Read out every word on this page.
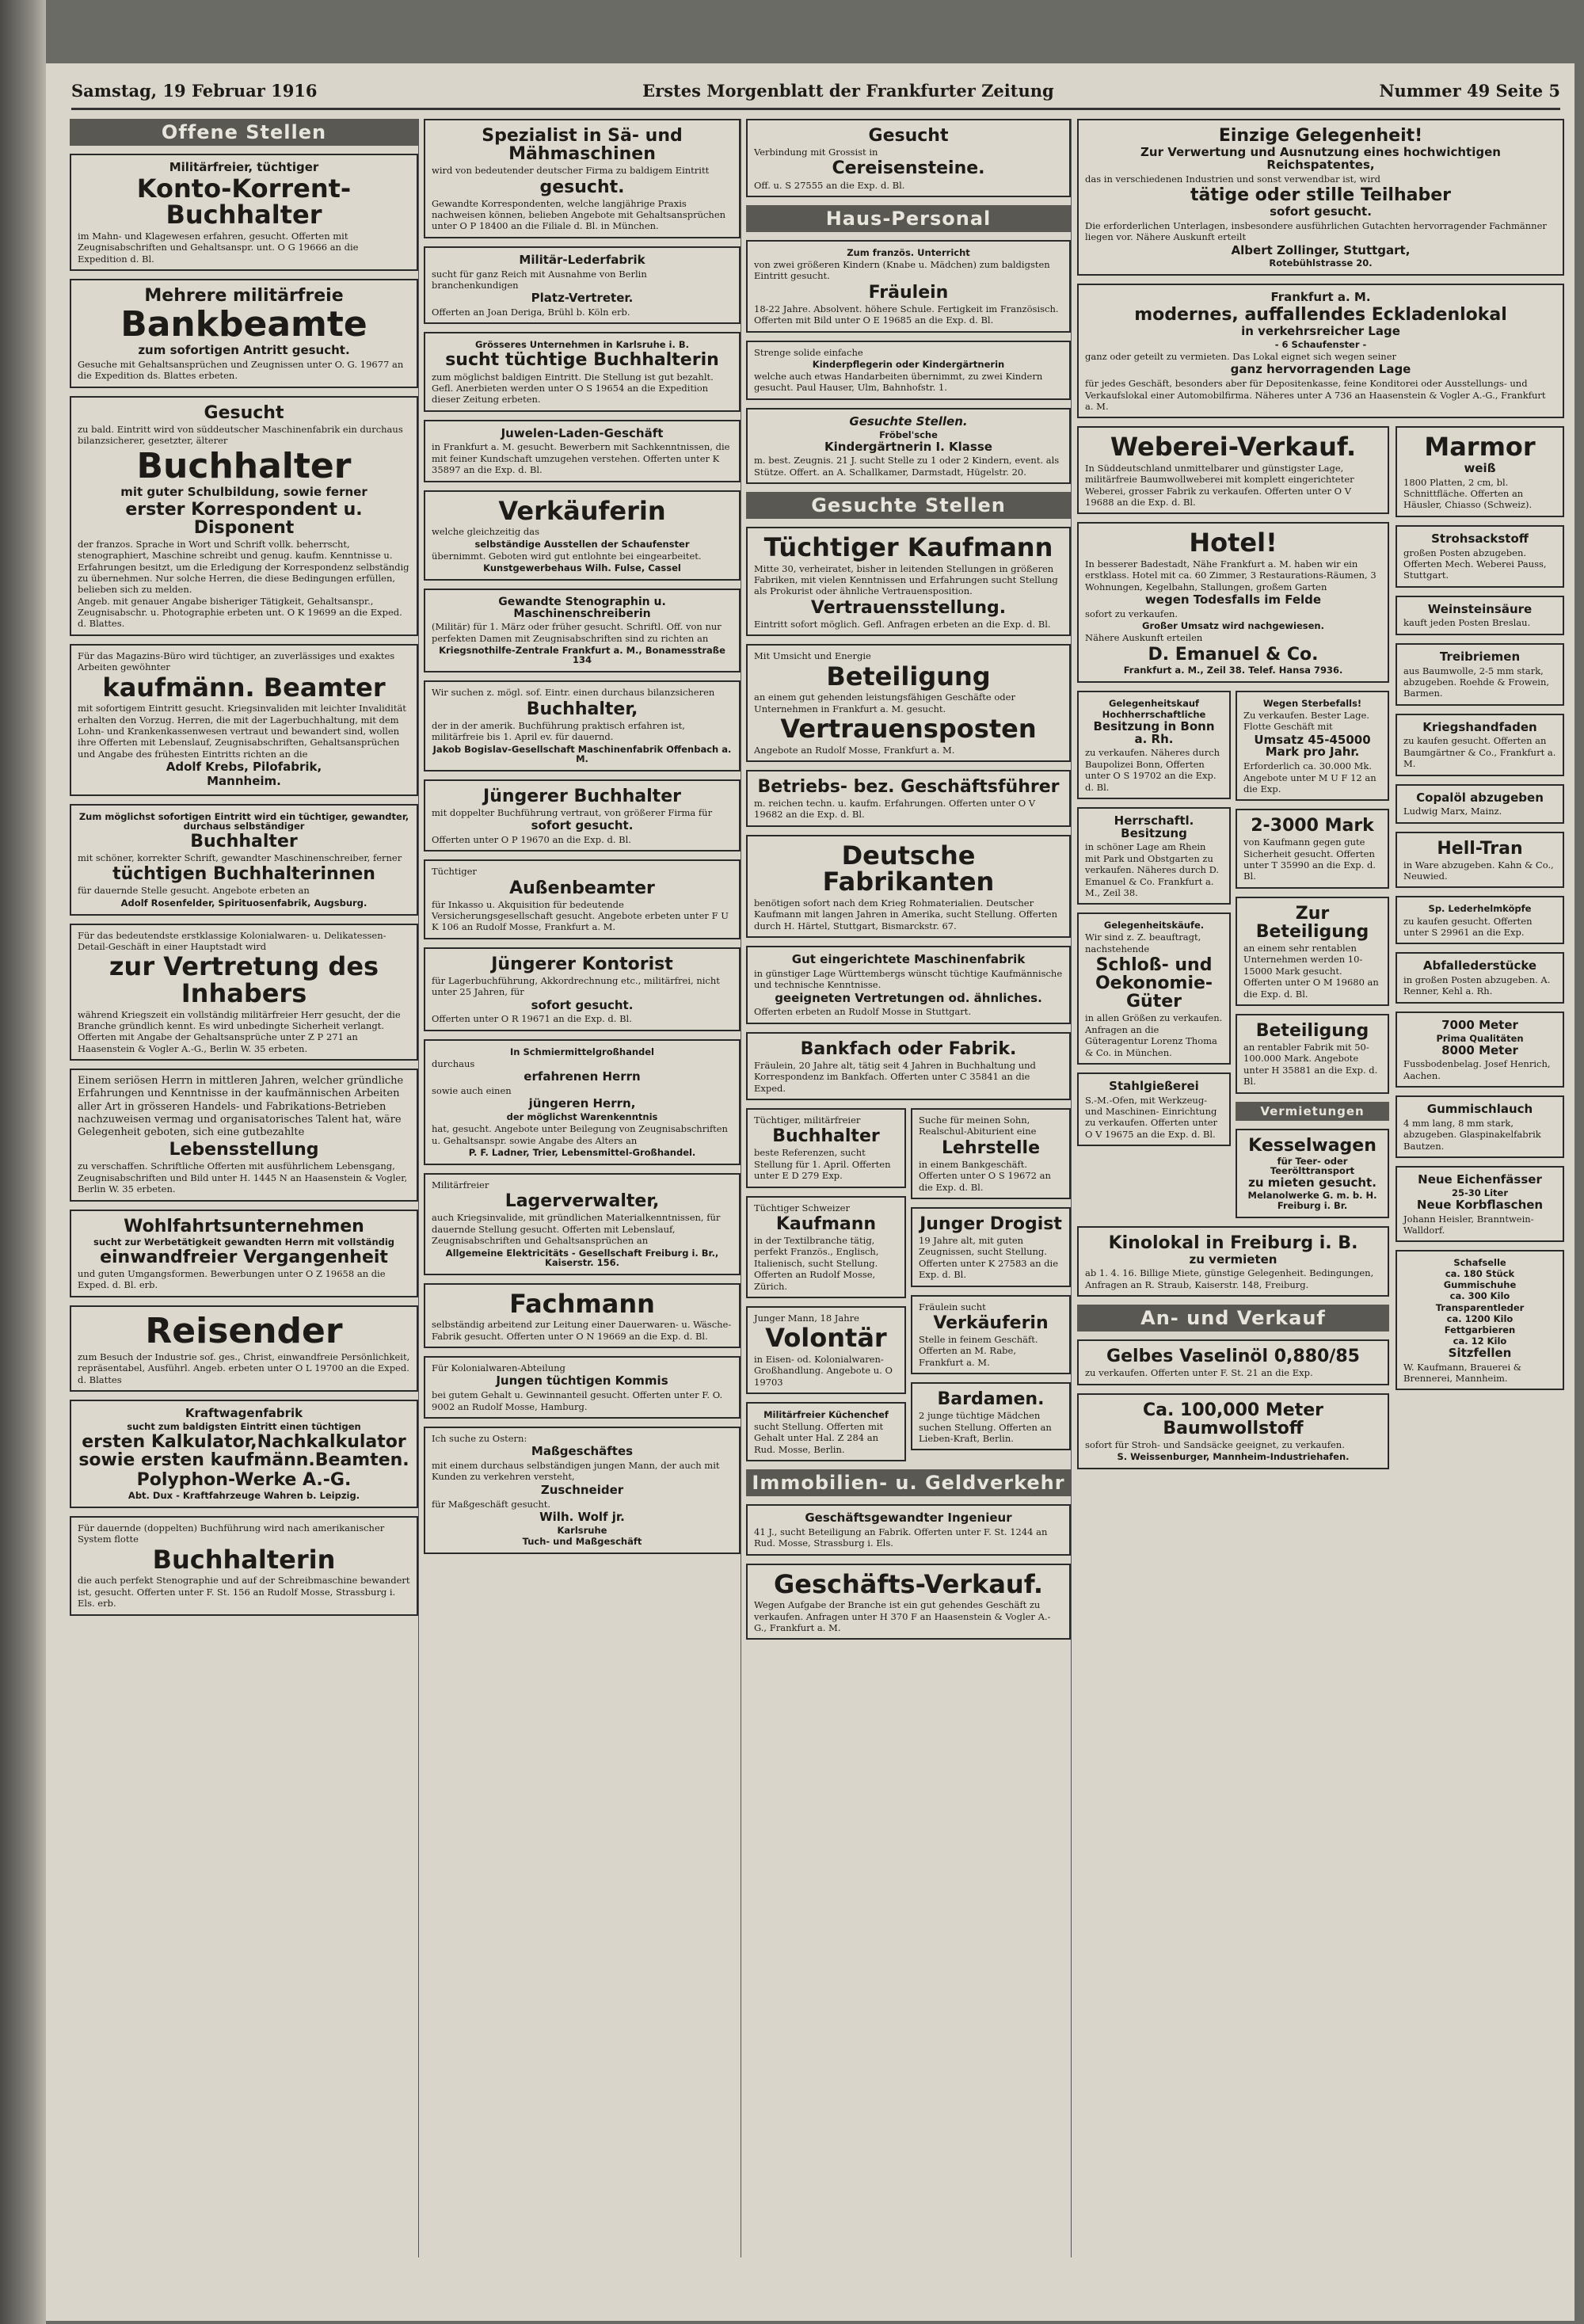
Samstag, 19 Februar 1916	Erstes Morgenblatt der Frankfurter Zeitung	Nummer 49 Seite 5
Offene Stellen
Militärfreier, tüchtiger
Konto-Korrent-Buchhalter
im Mahn- und Klagewesen erfahren, gesucht. Offerten mit Zeugnisabschriften und Gehaltsanspr. unt. O G 19666 an die Expedition d. Bl.
Mehrere militärfreie
Bankbeamte
zum sofortigen Antritt gesucht.
Gesuche mit Gehaltsansprüchen und Zeugnissen unter O. G. 19677 an die Expedition ds. Blattes erbeten.
Gesucht
zu bald. Eintritt wird von süddeutscher Maschinenfabrik ein durchaus bilanzsicherer, gesetzter, älterer
Buchhalter
mit guter Schulbildung, sowie ferner
erster Korrespondent u. Disponent
der franzos. Sprache in Wort und Schrift vollk. beherrscht, stenographiert, Maschine schreibt und genug. kaufm. Kenntnisse u. Erfahrungen besitzt, um die Erledigung der Korrespondenz selbständig zu übernehmen. Nur solche Herren, die diese Bedingungen erfüllen, belieben sich zu melden.
Angeb. mit genauer Angabe bisheriger Tätigkeit, Gehaltsanspr., Zeugnisabschr. u. Photographie erbeten unt. O K 19699 an die Exped. d. Blattes.
Für das Magazins-Büro wird tüchtiger, an zuverlässiges und exaktes Arbeiten gewöhnter
kaufmänn. Beamter
mit sofortigem Eintritt gesucht. Kriegsinvaliden mit leichter Invalidität erhalten den Vorzug. Herren, die mit der Lagerbuchhaltung, mit dem Lohn- und Krankenkassenwesen vertraut und bewandert sind, wollen ihre Offerten mit Lebenslauf, Zeugnisabschriften, Gehaltsansprüchen und Angabe des frühesten Eintritts richten an die
Adolf Krebs, Pilofabrik,
Mannheim.
Zum möglichst sofortigen Eintritt wird ein tüchtiger, gewandter, durchaus selbständiger
Buchhalter
mit schöner, korrekter Schrift, gewandter Maschinenschreiber, ferner
tüchtigen Buchhalterinnen
für dauernde Stelle gesucht. Angebote erbeten an
Adolf Rosenfelder, Spirituosenfabrik, Augsburg.
Für das bedeutendste erstklassige Kolonialwaren- u. Delikatessen-Detail-Geschäft in einer Hauptstadt wird
zur Vertretung des Inhabers
während Kriegszeit ein vollständig militärfreier Herr gesucht, der die Branche gründlich kennt. Es wird unbedingte Sicherheit verlangt. Offerten mit Angabe der Gehaltsansprüche unter Z P 271 an Haasenstein & Vogler A.-G., Berlin W. 35 erbeten.
Einem seriösen Herrn in mittleren Jahren, welcher gründliche Erfahrungen und Kenntnisse in der kaufmännischen Arbeiten aller Art in grösseren Handels- und Fabrikations-Betrieben nachzuweisen vermag und organisatorisches Talent hat, wäre Gelegenheit geboten, sich eine gutbezahlte
Lebensstellung
zu verschaffen. Schriftliche Offerten mit ausführlichem Lebensgang, Zeugnisabschriften und Bild unter H. 1445 N an Haasenstein & Vogler, Berlin W. 35 erbeten.
Wohlfahrtsunternehmen
sucht zur Werbetätigkeit gewandten Herrn mit vollständig
einwandfreier Vergangenheit
und guten Umgangsformen. Bewerbungen unter O Z 19658 an die Exped. d. Bl. erb.
Reisender
zum Besuch der Industrie sof. ges., Christ, einwandfreie Persönlichkeit, repräsentabel, Ausführl. Angeb. erbeten unter O L 19700 an die Exped. d. Blattes
Kraftwagenfabrik
sucht zum baldigsten Eintritt einen tüchtigen
ersten Kalkulator,Nachkalkulator sowie ersten kaufmänn.Beamten.
Polyphon-Werke A.-G.
Abt. Dux - Kraftfahrzeuge Wahren b. Leipzig.
Für dauernde (doppelten) Buchführung wird nach amerikanischer System flotte
Buchhalterin
die auch perfekt Stenographie und auf der Schreibmaschine bewandert ist, gesucht. Offerten unter F. St. 156 an Rudolf Mosse, Strassburg i. Els. erb.
Spezialist in Sä- und Mähmaschinen
wird von bedeutender deutscher Firma zu baldigem Eintritt
gesucht.
Gewandte Korrespondenten, welche langjährige Praxis nachweisen können, belieben Angebote mit Gehaltsansprüchen unter O P 18400 an die Filiale d. Bl. in München.
Militär-Lederfabrik
sucht für ganz Reich mit Ausnahme von Berlin branchenkundigen
Platz-Vertreter.
Offerten an Joan Deriga, Brühl b. Köln erb.
Grösseres Unternehmen in Karlsruhe i. B.
sucht tüchtige Buchhalterin
zum möglichst baldigen Eintritt. Die Stellung ist gut bezahlt. Gefl. Anerbieten werden unter O S 19654 an die Expedition dieser Zeitung erbeten.
Juwelen-Laden-Geschäft
in Frankfurt a. M. gesucht. Bewerbern mit Sachkenntnissen, die mit feiner Kundschaft umzugehen verstehen. Offerten unter K 35897 an die Exp. d. Bl.
Verkäuferin
welche gleichzeitig das
selbständige Ausstellen der Schaufenster
übernimmt. Geboten wird gut entlohnte bei eingearbeitet.
Kunstgewerbehaus Wilh. Fulse, Cassel
Gewandte Stenographin u. Maschinenschreiberin
(Militär) für 1. März oder früher gesucht. Schriftl. Off. von nur perfekten Damen mit Zeugnisabschriften sind zu richten an
Kriegsnothilfe-Zentrale Frankfurt a. M., Bonamesstraße 134
Wir suchen z. mögl. sof. Eintr. einen durchaus bilanzsicheren
Buchhalter,
der in der amerik. Buchführung praktisch erfahren ist, militärfreie bis 1. April ev. für dauernd.
Jakob Bogislav-Gesellschaft Maschinenfabrik Offenbach a. M.
Jüngerer Buchhalter
mit doppelter Buchführung vertraut, von größerer Firma für
sofort gesucht.
Offerten unter O P 19670 an die Exp. d. Bl.
Tüchtiger
Außenbeamter
für Inkasso u. Akquisition für bedeutende Versicherungsgesellschaft gesucht. Angebote erbeten unter F U K 106 an Rudolf Mosse, Frankfurt a. M.
Jüngerer Kontorist
für Lagerbuchführung, Akkordrechnung etc., militärfrei, nicht unter 25 Jahren, für
sofort gesucht.
Offerten unter O R 19671 an die Exp. d. Bl.
In Schmiermittelgroßhandel
durchaus
erfahrenen Herrn
sowie auch einen
jüngeren Herrn,
der möglichst Warenkenntnis
hat, gesucht. Angebote unter Beilegung von Zeugnisabschriften u. Gehaltsanspr. sowie Angabe des Alters an
P. F. Ladner, Trier, Lebensmittel-Großhandel.
Militärfreier
Lagerverwalter,
auch Kriegsinvalide, mit gründlichen Materialkenntnissen, für dauernde Stellung gesucht. Offerten mit Lebenslauf, Zeugnisabschriften und Gehaltsansprüchen an
Allgemeine Elektricitäts - Gesellschaft Freiburg i. Br., Kaiserstr. 156.
Fachmann
selbständig arbeitend zur Leitung einer Dauerwaren- u. Wäsche-Fabrik gesucht. Offerten unter O N 19669 an die Exp. d. Bl.
Für Kolonialwaren-Abteilung
Jungen tüchtigen Kommis
bei gutem Gehalt u. Gewinnanteil gesucht. Offerten unter F. O. 9002 an Rudolf Mosse, Hamburg.
Ich suche zu Ostern:
Maßgeschäftes
mit einem durchaus selbständigen jungen Mann, der auch mit Kunden zu verkehren versteht,
Zuschneider
für Maßgeschäft gesucht.
Wilh. Wolf jr.
Karlsruhe
Tuch- und Maßgeschäft
Gesucht
Verbindung mit Grossist in
Cereisensteine.
Off. u. S 27555 an die Exp. d. Bl.
Haus-Personal
Zum französ. Unterricht
von zwei größeren Kindern (Knabe u. Mädchen) zum baldigsten Eintritt gesucht.
Fräulein
18-22 Jahre. Absolvent. höhere Schule. Fertigkeit im Französisch. Offerten mit Bild unter O E 19685 an die Exp. d. Bl.
Strenge solide einfache
Kinderpflegerin oder Kindergärtnerin
welche auch etwas Handarbeiten übernimmt, zu zwei Kindern gesucht. Paul Hauser, Ulm, Bahnhofstr. 1.
Gesuchte Stellen.
Fröbel'sche
Kindergärtnerin I. Klasse
m. best. Zeugnis. 21 J. sucht Stelle zu 1 oder 2 Kindern, event. als Stütze. Offert. an A. Schallkamer, Darmstadt, Hügelstr. 20.
Gesuchte Stellen
Tüchtiger Kaufmann
Mitte 30, verheiratet, bisher in leitenden Stellungen in größeren Fabriken, mit vielen Kenntnissen und Erfahrungen sucht Stellung als Prokurist oder ähnliche Vertrauensposition.
Vertrauensstellung.
Eintritt sofort möglich. Gefl. Anfragen erbeten an die Exp. d. Bl.
Mit Umsicht und Energie
Beteiligung
an einem gut gehenden leistungsfähigen Geschäfte oder Unternehmen in Frankfurt a. M. gesucht.
Vertrauensposten
Angebote an Rudolf Mosse, Frankfurt a. M.
Betriebs- bez. Geschäftsführer
m. reichen techn. u. kaufm. Erfahrungen. Offerten unter O V 19682 an die Exp. d. Bl.
Deutsche Fabrikanten
benötigen sofort nach dem Krieg Rohmaterialien. Deutscher Kaufmann mit langen Jahren in Amerika, sucht Stellung. Offerten durch H. Härtel, Stuttgart, Bismarckstr. 67.
Gut eingerichtete Maschinenfabrik
in günstiger Lage Württembergs wünscht tüchtige Kaufmännische und technische Kenntnisse.
geeigneten Vertretungen od. ähnliches.
Offerten erbeten an Rudolf Mosse in Stuttgart.
Bankfach oder Fabrik.
Fräulein, 20 Jahre alt, tätig seit 4 Jahren in Buchhaltung und Korrespondenz im Bankfach. Offerten unter C 35841 an die Exped.
Tüchtiger, militärfreier
Buchhalter
beste Referenzen, sucht Stellung für 1. April. Offerten unter E D 279 Exp.
Tüchtiger Schweizer
Kaufmann
in der Textilbranche tätig, perfekt Französ., Englisch, Italienisch, sucht Stellung. Offerten an Rudolf Mosse, Zürich.
Junger Mann, 18 Jahre
Volontär
in Eisen- od. Kolonialwaren-Großhandlung. Angebote u. O 19703
Militärfreier Küchenchef
sucht Stellung. Offerten mit Gehalt unter Hal. Z 284 an Rud. Mosse, Berlin.
Suche für meinen Sohn, Realschul-Abiturient eine
Lehrstelle
in einem Bankgeschäft. Offerten unter O S 19672 an die Exp. d. Bl.
Junger Drogist
19 Jahre alt, mit guten Zeugnissen, sucht Stellung. Offerten unter K 27583 an die Exp. d. Bl.
Fräulein sucht
Verkäuferin
Stelle in feinem Geschäft. Offerten an M. Rabe, Frankfurt a. M.
Bardamen.
2 junge tüchtige Mädchen suchen Stellung. Offerten an Lieben-Kraft, Berlin.
Immobilien- u. Geldverkehr
Geschäftsgewandter Ingenieur
41 J., sucht Beteiligung an Fabrik. Offerten unter F. St. 1244 an Rud. Mosse, Strassburg i. Els.
Geschäfts-Verkauf.
Wegen Aufgabe der Branche ist ein gut gehendes Geschäft zu verkaufen. Anfragen unter H 370 F an Haasenstein & Vogler A.-G., Frankfurt a. M.
Einzige Gelegenheit!
Zur Verwertung und Ausnutzung eines hochwichtigen Reichspatentes,
das in verschiedenen Industrien und sonst verwendbar ist, wird
tätige oder stille Teilhaber
sofort gesucht.
Die erforderlichen Unterlagen, insbesondere ausführlichen Gutachten hervorragender Fachmänner liegen vor. Nähere Auskunft erteilt
Albert Zollinger, Stuttgart,
Rotebühlstrasse 20.
Frankfurt a. M.
modernes, auffallendes Eckladenlokal
in verkehrsreicher Lage
- 6 Schaufenster -
ganz oder geteilt zu vermieten. Das Lokal eignet sich wegen seiner
ganz hervorragenden Lage
für jedes Geschäft, besonders aber für Depositenkasse, feine Konditorei oder Ausstellungs- und Verkaufslokal einer Automobilfirma. Näheres unter A 736 an Haasenstein & Vogler A.-G., Frankfurt a. M.
Weberei-Verkauf.
In Süddeutschland unmittelbarer und günstigster Lage, militärfreie Baumwollweberei mit komplett eingerichteter Weberei, grosser Fabrik zu verkaufen. Offerten unter O V 19688 an die Exp. d. Bl.
Hotel!
In besserer Badestadt, Nähe Frankfurt a. M. haben wir ein erstklass. Hotel mit ca. 60 Zimmer, 3 Restaurations-Räumen, 3 Wohnungen, Kegelbahn, Stallungen, großem Garten
wegen Todesfalls im Felde
sofort zu verkaufen.
Großer Umsatz wird nachgewiesen.
Nähere Auskunft erteilen
D. Emanuel & Co.
Frankfurt a. M., Zeil 38. Telef. Hansa 7936.
Gelegenheitskauf
Hochherrschaftliche
Besitzung in Bonn a. Rh.
zu verkaufen. Näheres durch Baupolizei Bonn, Offerten unter O S 19702 an die Exp. d. Bl.
Herrschaftl. Besitzung
in schöner Lage am Rhein mit Park und Obstgarten zu verkaufen. Näheres durch D. Emanuel & Co. Frankfurt a. M., Zeil 38.
Gelegenheitskäufe.
Wir sind z. Z. beauftragt, nachstehende
Schloß- und Oekonomie-Güter
in allen Größen zu verkaufen. Anfragen an die Güteragentur Lorenz Thoma & Co. in München.
Stahlgießerei
S.-M.-Ofen, mit Werkzeug- und Maschinen- Einrichtung zu verkaufen. Offerten unter O V 19675 an die Exp. d. Bl.
Wegen Sterbefalls!
Zu verkaufen. Bester Lage. Flotte Geschäft mit
Umsatz 45-45000 Mark pro Jahr.
Erforderlich ca. 30.000 Mk. Angebote unter M U F 12 an die Exp.
2-3000 Mark
von Kaufmann gegen gute Sicherheit gesucht. Offerten unter T 35990 an die Exp. d. Bl.
Zur Beteiligung
an einem sehr rentablen Unternehmen werden 10-15000 Mark gesucht. Offerten unter O M 19680 an die Exp. d. Bl.
Beteiligung
an rentabler Fabrik mit 50-100.000 Mark. Angebote unter H 35881 an die Exp. d. Bl.
Vermietungen
Kesselwagen
für Teer- oder Teerölttransport
zu mieten gesucht.
Melanolwerke G. m. b. H. Freiburg i. Br.
Kinolokal in Freiburg i. B.
zu vermieten
ab 1. 4. 16. Billige Miete, günstige Gelegenheit. Bedingungen, Anfragen an R. Straub, Kaiserstr. 148, Freiburg.
An- und Verkauf
Gelbes Vaselinöl 0,880/85
zu verkaufen. Offerten unter F. St. 21 an die Exp.
Ca. 100,000 Meter Baumwollstoff
sofort für Stroh- und Sandsäcke geeignet, zu verkaufen.
S. Weissenburger, Mannheim-Industriehafen.
Marmor
weiß
1800 Platten, 2 cm, bl. Schnittfläche. Offerten an Häusler, Chiasso (Schweiz).
Strohsackstoff
großen Posten abzugeben. Offerten Mech. Weberei Pauss, Stuttgart.
Weinsteinsäure
kauft jeden Posten Breslau.
Treibriemen
aus Baumwolle, 2-5 mm stark, abzugeben. Roehde & Frowein, Barmen.
Kriegshandfaden
zu kaufen gesucht. Offerten an Baumgärtner & Co., Frankfurt a. M.
Copalöl abzugeben
Ludwig Marx, Mainz.
Hell-Tran
in Ware abzugeben. Kahn & Co., Neuwied.
Sp. Lederhelmköpfe
zu kaufen gesucht. Offerten unter S 29961 an die Exp.
Abfallederstücke
in großen Posten abzugeben. A. Renner, Kehl a. Rh.
7000 Meter
Prima Qualitäten
8000 Meter
Fussbodenbelag. Josef Henrich, Aachen.
Gummischlauch
4 mm lang, 8 mm stark, abzugeben. Glaspinakelfabrik Bautzen.
Neue Eichenfässer
25-30 Liter
Neue Korbflaschen
Johann Heisler, Branntwein-Walldorf.
Schafselle
ca. 180 Stück
Gummischuhe
ca. 300 Kilo
Transparentleder
ca. 1200 Kilo
Fettgarbieren
ca. 12 Kilo
Sitzfellen
W. Kaufmann, Brauerei & Brennerei, Mannheim.
